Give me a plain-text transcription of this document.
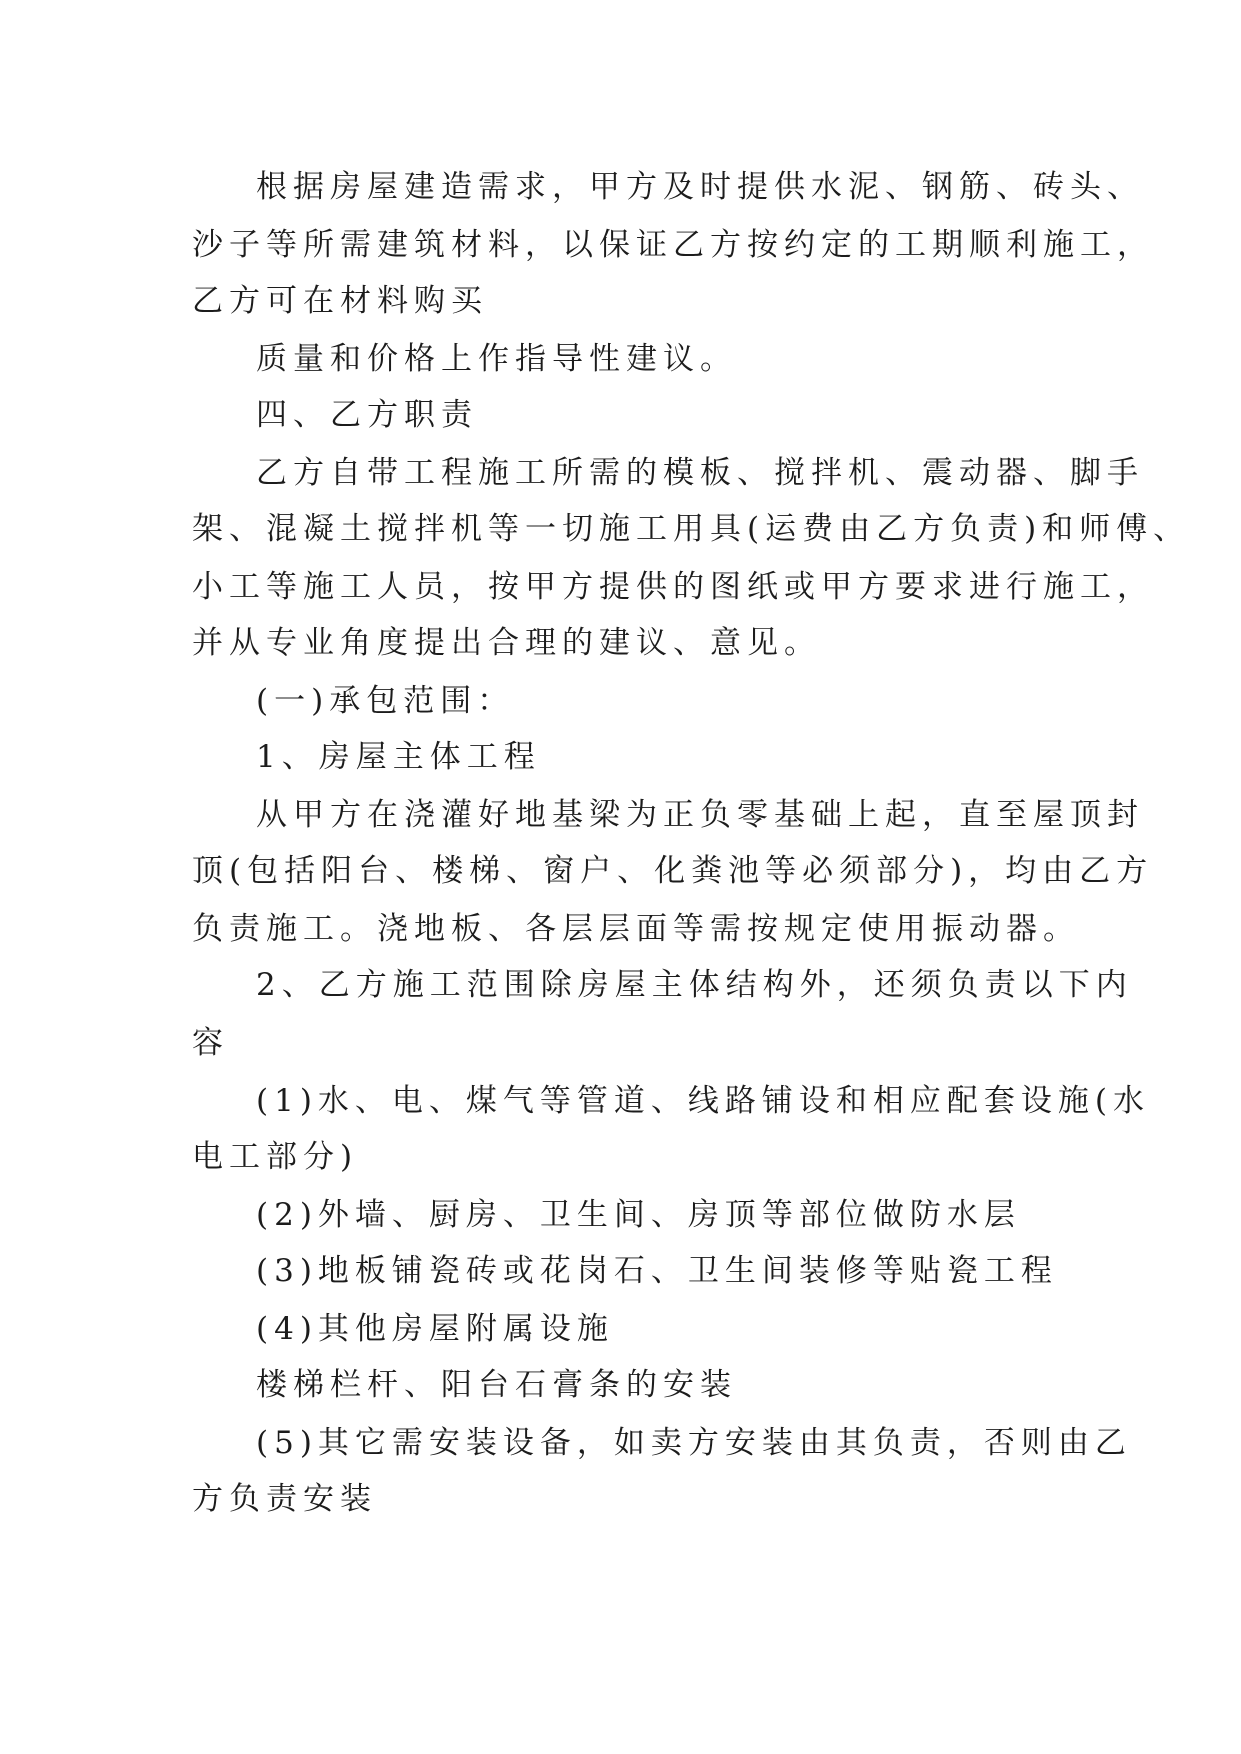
根据房屋建造需求，甲方及时提供水泥、钢筋、砖头、
沙子等所需建筑材料，以保证乙方按约定的工期顺利施工，
乙方可在材料购买
质量和价格上作指导性建议。
四、乙方职责
乙方自带工程施工所需的模板、搅拌机、震动器、脚手
架、混凝土搅拌机等一切施工用具(运费由乙方负责)和师傅、
小工等施工人员，按甲方提供的图纸或甲方要求进行施工，
并从专业角度提出合理的建议、意见。
(一)承包范围：
1、房屋主体工程
从甲方在浇灌好地基梁为正负零基础上起，直至屋顶封
顶(包括阳台、楼梯、窗户、化粪池等必须部分)，均由乙方
负责施工。浇地板、各层层面等需按规定使用振动器。
2、乙方施工范围除房屋主体结构外，还须负责以下内
容
(1)水、电、煤气等管道、线路铺设和相应配套设施(水
电工部分)
(2)外墙、厨房、卫生间、房顶等部位做防水层
(3)地板铺瓷砖或花岗石、卫生间装修等贴瓷工程
(4)其他房屋附属设施
楼梯栏杆、阳台石膏条的安装
(5)其它需安装设备，如卖方安装由其负责，否则由乙
方负责安装
